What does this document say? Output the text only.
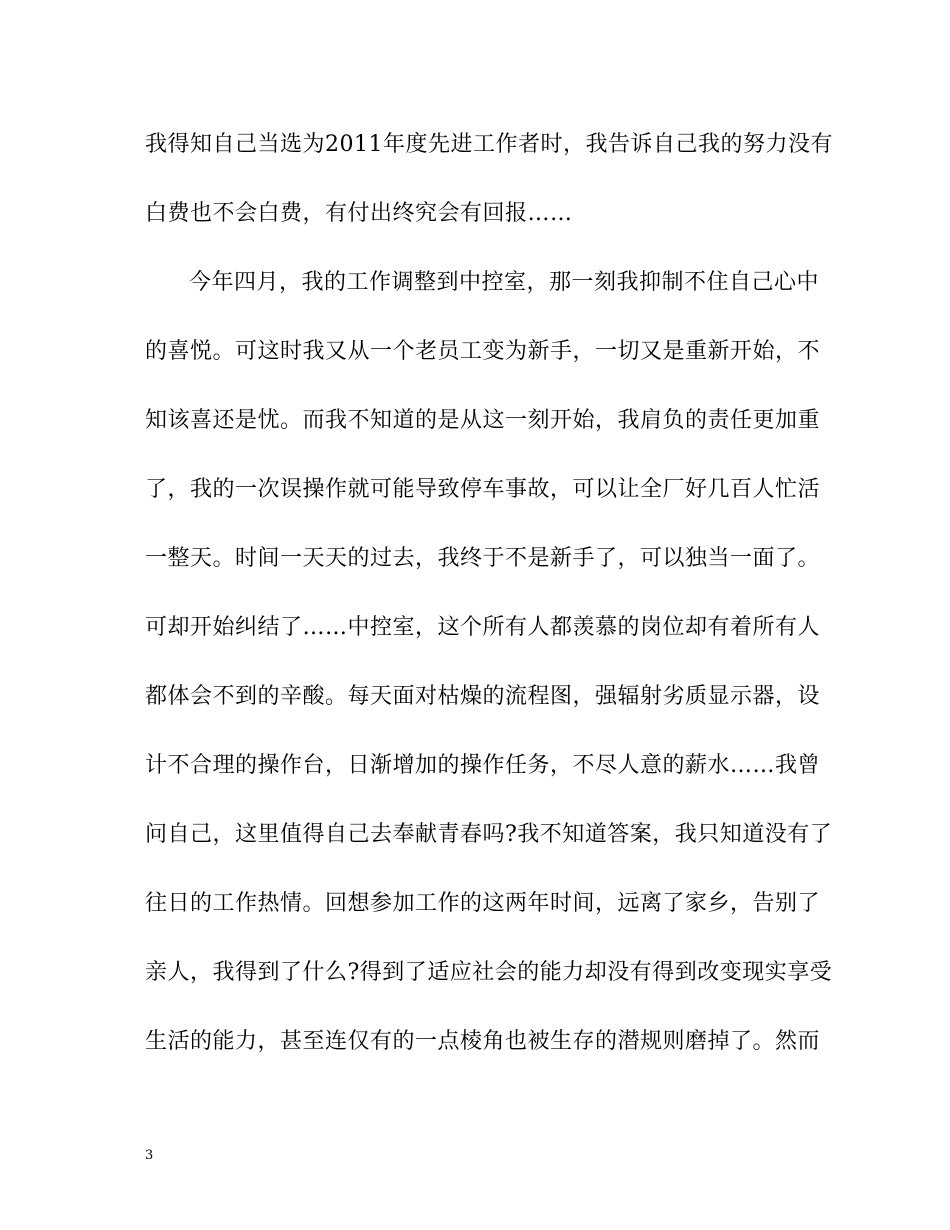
我得知自己当选为2011年度先进工作者时，我告诉自己我的努力没有
白费也不会白费，有付出终究会有回报……
今年四月，我的工作调整到中控室，那一刻我抑制不住自己心中
的喜悦。可这时我又从一个老员工变为新手，一切又是重新开始，不
知该喜还是忧。而我不知道的是从这一刻开始，我肩负的责任更加重
了，我的一次误操作就可能导致停车事故，可以让全厂好几百人忙活
一整天。时间一天天的过去，我终于不是新手了，可以独当一面了。
可却开始纠结了……中控室，这个所有人都羡慕的岗位却有着所有人
都体会不到的辛酸。每天面对枯燥的流程图，强辐射劣质显示器，设
计不合理的操作台，日渐增加的操作任务，不尽人意的薪水……我曾
问自己，这里值得自己去奉献青春吗?我不知道答案，我只知道没有了
往日的工作热情。回想参加工作的这两年时间，远离了家乡，告别了
亲人，我得到了什么?得到了适应社会的能力却没有得到改变现实享受
生活的能力，甚至连仅有的一点棱角也被生存的潜规则磨掉了。然而
3
